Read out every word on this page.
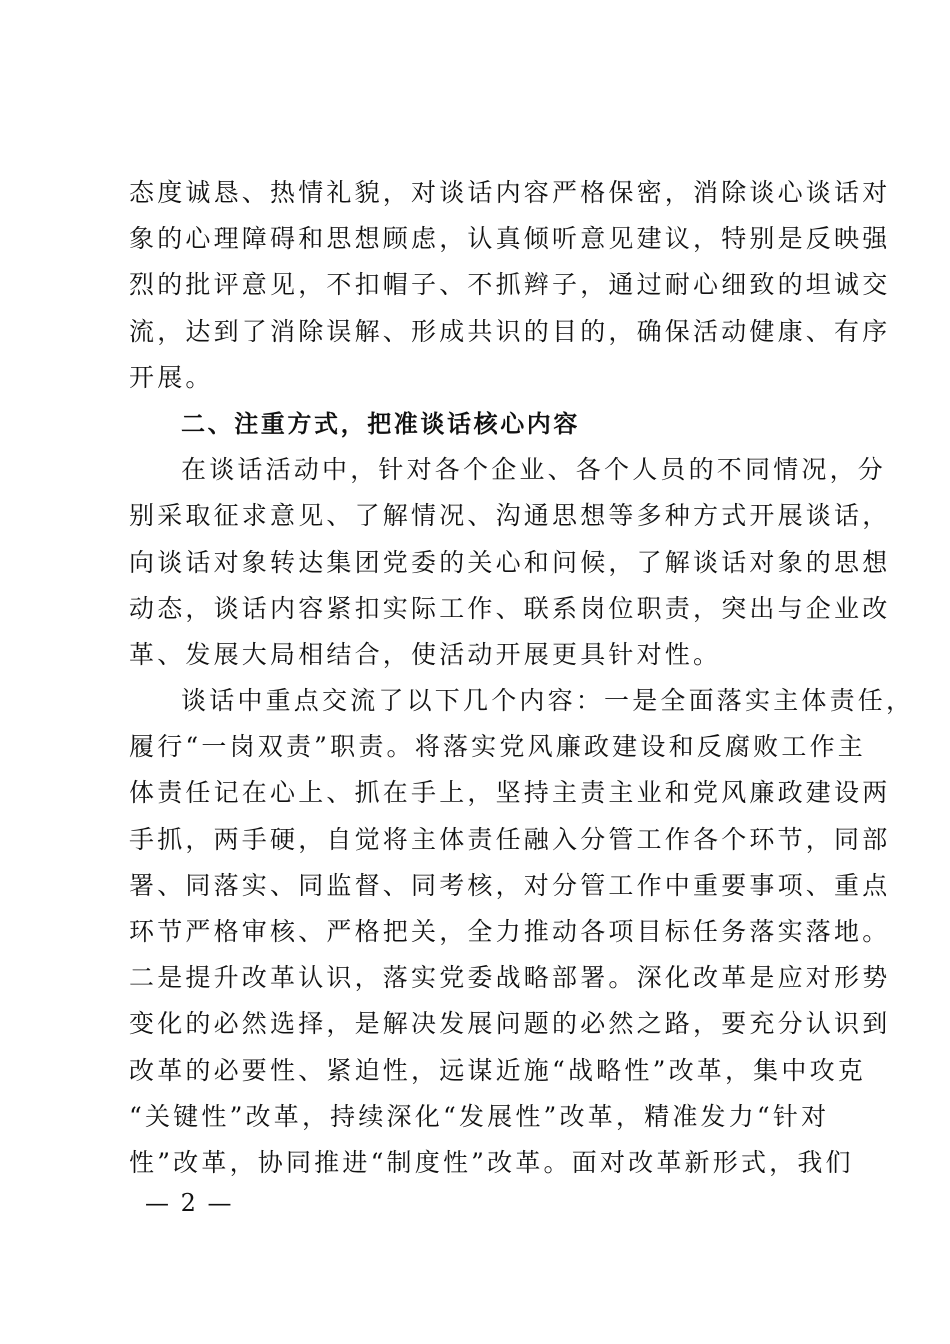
态度诚恳、热情礼貌，对谈话内容严格保密，消除谈心谈话对
象的心理障碍和思想顾虑，认真倾听意见建议，特别是反映强
烈的批评意见，不扣帽子、不抓辫子，通过耐心细致的坦诚交
流，达到了消除误解、形成共识的目的，确保活动健康、有序
开展。
二、注重方式，把准谈话核心内容
在谈话活动中，针对各个企业、各个人员的不同情况，分
别采取征求意见、了解情况、沟通思想等多种方式开展谈话，
向谈话对象转达集团党委的关心和问候，了解谈话对象的思想
动态，谈话内容紧扣实际工作、联系岗位职责，突出与企业改
革、发展大局相结合，使活动开展更具针对性。
谈话中重点交流了以下几个内容：一是全面落实主体责任，
履行“一岗双责”职责。将落实党风廉政建设和反腐败工作主
体责任记在心上、抓在手上，坚持主责主业和党风廉政建设两
手抓，两手硬，自觉将主体责任融入分管工作各个环节，同部
署、同落实、同监督、同考核，对分管工作中重要事项、重点
环节严格审核、严格把关，全力推动各项目标任务落实落地。
二是提升改革认识，落实党委战略部署。深化改革是应对形势
变化的必然选择，是解决发展问题的必然之路，要充分认识到
改革的必要性、紧迫性，远谋近施“战略性”改革，集中攻克
“关键性”改革，持续深化“发展性”改革，精准发力“针对
性”改革，协同推进“制度性”改革。面对改革新形式，我们
— 2 —
